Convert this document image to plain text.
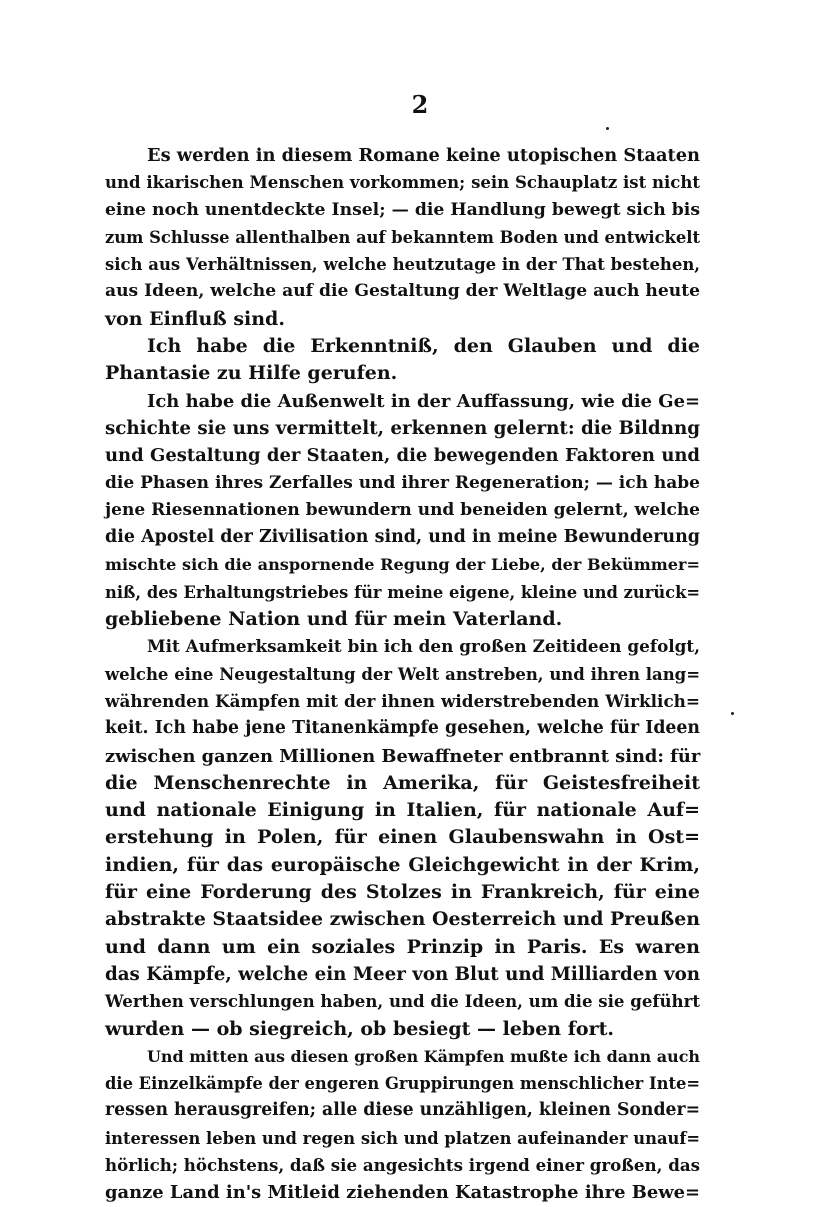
2
Es werden in diesem Romane keine utopischen Staaten
und ikarischen Menschen vorkommen; sein Schauplatz ist nicht
eine noch unentdeckte Insel; — die Handlung bewegt sich bis
zum Schlusse allenthalben auf bekanntem Boden und entwickelt
sich aus Verhältnissen, welche heutzutage in der That bestehen,
aus Ideen, welche auf die Gestaltung der Weltlage auch heute
von Einfluß sind.
Ich habe die Erkenntniß, den Glauben und die
Phantasie zu Hilfe gerufen.
Ich habe die Außenwelt in der Auffassung, wie die Ge=
schichte sie uns vermittelt, erkennen gelernt: die Bildnng
und Gestaltung der Staaten, die bewegenden Faktoren und
die Phasen ihres Zerfalles und ihrer Regeneration; — ich habe
jene Riesennationen bewundern und beneiden gelernt, welche
die Apostel der Zivilisation sind, und in meine Bewunderung
mischte sich die anspornende Regung der Liebe, der Bekümmer=
niß, des Erhaltungstriebes für meine eigene, kleine und zurück=
gebliebene Nation und für mein Vaterland.
Mit Aufmerksamkeit bin ich den großen Zeitideen gefolgt,
welche eine Neugestaltung der Welt anstreben, und ihren lang=
währenden Kämpfen mit der ihnen widerstrebenden Wirklich=
keit. Ich habe jene Titanenkämpfe gesehen, welche für Ideen
zwischen ganzen Millionen Bewaffneter entbrannt sind: für
die Menschenrechte in Amerika, für Geistesfreiheit
und nationale Einigung in Italien, für nationale Auf=
erstehung in Polen, für einen Glaubenswahn in Ost=
indien, für das europäische Gleichgewicht in der Krim,
für eine Forderung des Stolzes in Frankreich, für eine
abstrakte Staatsidee zwischen Oesterreich und Preußen
und dann um ein soziales Prinzip in Paris. Es waren
das Kämpfe, welche ein Meer von Blut und Milliarden von
Werthen verschlungen haben, und die Ideen, um die sie geführt
wurden — ob siegreich, ob besiegt — leben fort.
Und mitten aus diesen großen Kämpfen mußte ich dann auch
die Einzelkämpfe der engeren Gruppirungen menschlicher Inte=
ressen herausgreifen; alle diese unzähligen, kleinen Sonder=
interessen leben und regen sich und platzen aufeinander unauf=
hörlich; höchstens, daß sie angesichts irgend einer großen, das
ganze Land in's Mitleid ziehenden Katastrophe ihre Bewe=
